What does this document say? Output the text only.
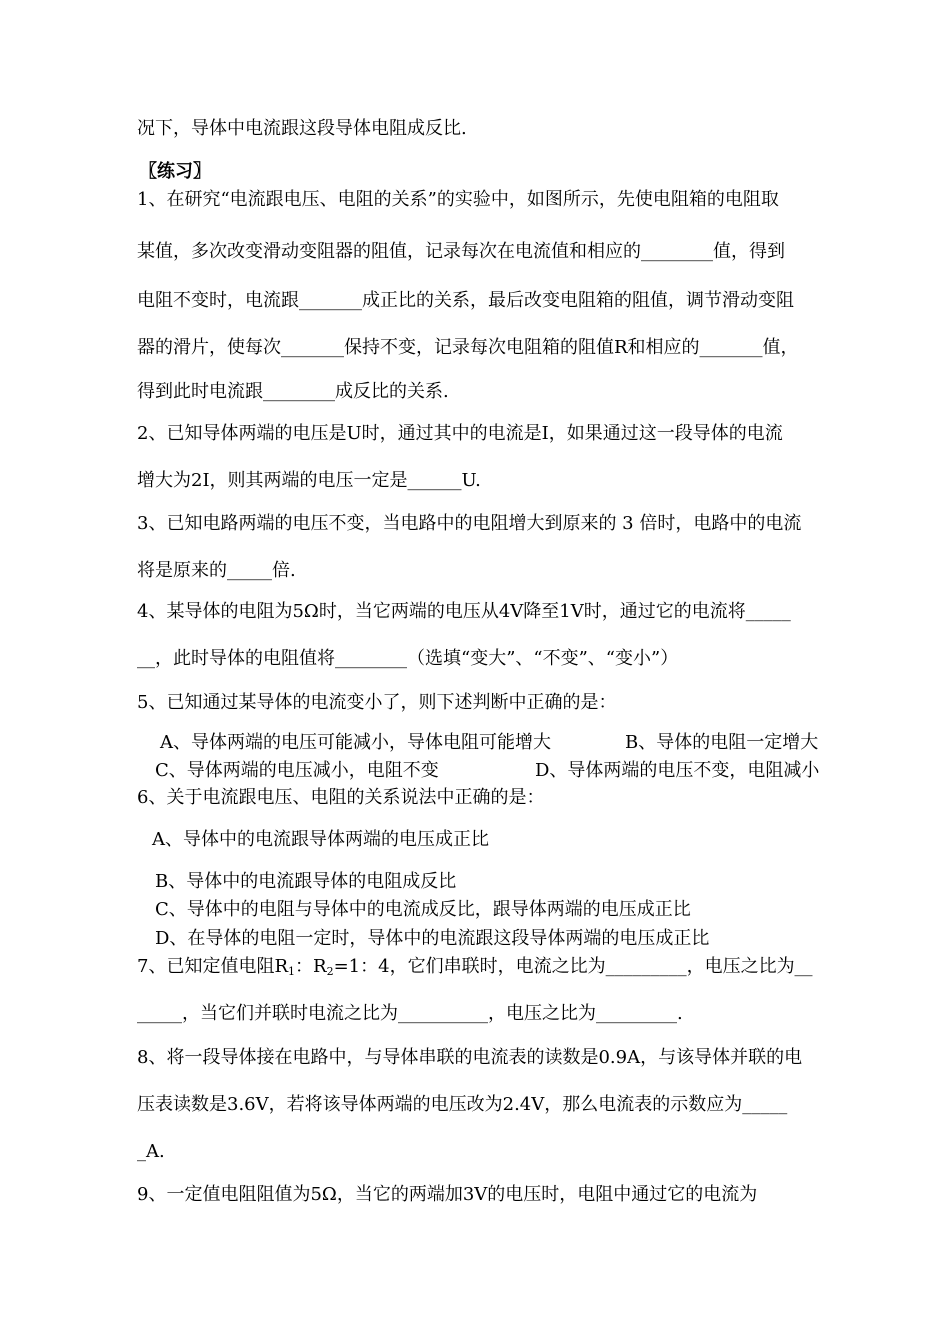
况下，导体中电流跟这段导体电阻成反比.
〖练习〗
1、在研究“电流跟电压、电阻的关系”的实验中，如图所示，先使电阻箱的电阻取
某值，多次改变滑动变阻器的阻值，记录每次在电流值和相应的________值，得到
电阻不变时，电流跟_______成正比的关系，最后改变电阻箱的阻值，调节滑动变阻
器的滑片，使每次_______保持不变，记录每次电阻箱的阻值R和相应的_______值，
得到此时电流跟________成反比的关系.
2、已知导体两端的电压是U时，通过其中的电流是I，如果通过这一段导体的电流
增大为2I，则其两端的电压一定是______U.
3、已知电路两端的电压不变，当电路中的电阻增大到原来的 3 倍时，电路中的电流
将是原来的_____倍.
4、某导体的电阻为5Ω时，当它两端的电压从4V降至1V时，通过它的电流将_____
__，此时导体的电阻值将________（选填“变大”、“不变”、“变小”）
5、已知通过某导体的电流变小了，则下述判断中正确的是：
A、导体两端的电压可能减小，导体电阻可能增大	B、导体的电阻一定增大
C、导体两端的电压减小，电阻不变	D、导体两端的电压不变，电阻减小
6、关于电流跟电压、电阻的关系说法中正确的是：
A、导体中的电流跟导体两端的电压成正比
B、导体中的电流跟导体的电阻成反比
C、导体中的电阻与导体中的电流成反比，跟导体两端的电压成正比
D、在导体的电阻一定时，导体中的电流跟这段导体两端的电压成正比
7、已知定值电阻$R_1$：$R_2=1$：4，它们串联时，电流之比为_________，电压之比为__
_____，当它们并联时电流之比为__________，电压之比为_________.
8、将一段导体接在电路中，与导体串联的电流表的读数是0.9A，与该导体并联的电
压表读数是3.6V，若将该导体两端的电压改为2.4V，那么电流表的示数应为_____
_A.
9、一定值电阻阻值为5Ω，当它的两端加3V的电压时，电阻中通过它的电流为
